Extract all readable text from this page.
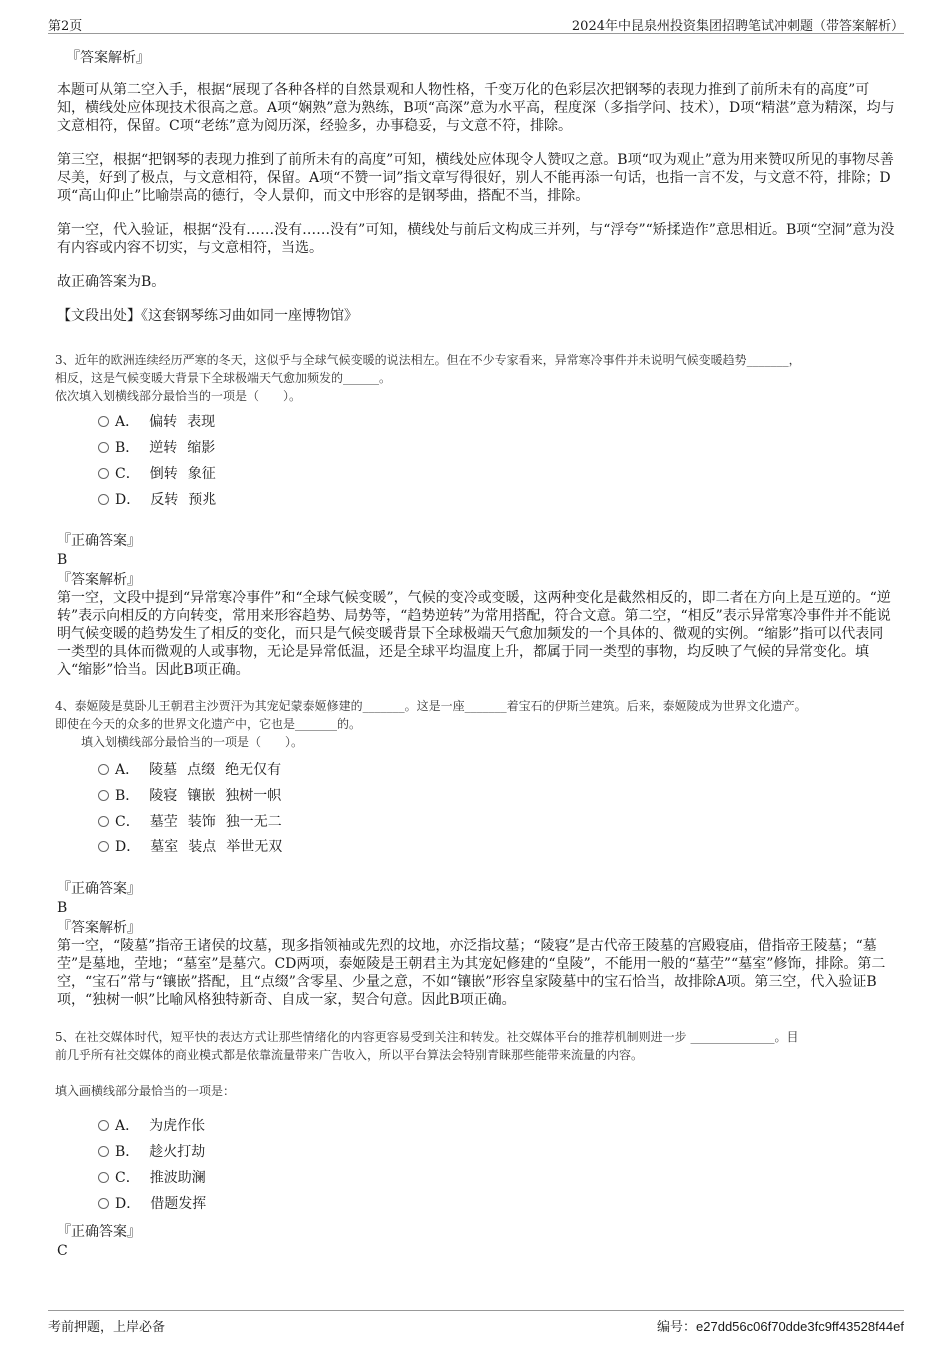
第2页	2024年中昆泉州投资集团招聘笔试冲刺题（带答案解析）
『答案解析』

本题可从第二空入手，根据“展现了各种各样的自然景观和人物性格，千变万化的色彩层次把钢琴的表现力推到了前所未有的高度”可知，横线处应体现技术很高之意。A项“娴熟”意为熟练，B项“高深”意为水平高，程度深（多指学问、技术），D项“精湛”意为精深，均与文意相符，保留。C项“老练”意为阅历深，经验多，办事稳妥，与文意不符，排除。

第三空，根据“把钢琴的表现力推到了前所未有的高度”可知，横线处应体现令人赞叹之意。B项“叹为观止”意为用来赞叹所见的事物尽善尽美，好到了极点，与文意相符，保留。A项“不赞一词”指文章写得很好，别人不能再添一句话，也指一言不发，与文意不符，排除；D项“高山仰止”比喻崇高的德行，令人景仰，而文中形容的是钢琴曲，搭配不当，排除。

第一空，代入验证，根据“没有……没有……没有”可知，横线处与前后文构成三并列，与“浮夸”“矫揉造作”意思相近。B项“空洞”意为没有内容或内容不切实，与文意相符，当选。

故正确答案为B。

【文段出处】《这套钢琴练习曲如同一座博物馆》

3、近年的欧洲连续经历严寒的冬天，这似乎与全球气候变暖的说法相左。但在不少专家看来，异常寒冷事件并未说明气候变暖趋势_______，
相反，这是气候变暖大背景下全球极端天气愈加频发的______。
依次填入划横线部分最恰当的一项是（　　）。
A． 偏转 表现
B． 逆转 缩影
C． 倒转 象征
D． 反转 预兆
『正确答案』
B
『答案解析』

第一空，文段中提到“异常寒冷事件”和“全球气候变暖”，气候的变冷或变暖，这两种变化是截然相反的，即二者在方向上是互逆的。“逆转”表示向相反的方向转变，常用来形容趋势、局势等，“趋势逆转”为常用搭配，符合文意。第二空，“相反”表示异常寒冷事件并不能说明气候变暖的趋势发生了相反的变化，而只是气候变暖背景下全球极端天气愈加频发的一个具体的、微观的实例。“缩影”指可以代表同一类型的具体而微观的人或事物，无论是异常低温，还是全球平均温度上升，都属于同一类型的事物，均反映了气候的异常变化。填入“缩影”恰当。因此B项正确。

4、泰姬陵是莫卧儿王朝君主沙贾汗为其宠妃蒙泰姬修建的_______。这是一座_______着宝石的伊斯兰建筑。后来，泰姬陵成为世界文化遗产。
即使在今天的众多的世界文化遗产中，它也是_______的。
填入划横线部分最恰当的一项是（　　）。
A． 陵墓 点缀 绝无仅有
B． 陵寝 镶嵌 独树一帜
C． 墓茔 装饰 独一无二
D． 墓室 装点 举世无双
『正确答案』
B
『答案解析』

第一空，“陵墓”指帝王诸侯的坟墓，现多指领袖或先烈的坟地，亦泛指坟墓；“陵寝”是古代帝王陵墓的宫殿寝庙，借指帝王陵墓；“墓茔”是墓地，茔地；“墓室”是墓穴。CD两项，泰姬陵是王朝君主为其宠妃修建的“皇陵”，不能用一般的“墓茔”“墓室”修饰，排除。第二空，“宝石”常与“镶嵌”搭配，且“点缀”含零星、少量之意，不如“镶嵌”形容皇家陵墓中的宝石恰当，故排除A项。第三空，代入验证B项，“独树一帜”比喻风格独特新奇、自成一家，契合句意。因此B项正确。

5、在社交媒体时代，短平快的表达方式让那些情绪化的内容更容易受到关注和转发。社交媒体平台的推荐机制则进一步 ______________。目
前几乎所有社交媒体的商业模式都是依靠流量带来广告收入，所以平台算法会特别青睐那些能带来流量的内容。
填入画横线部分最恰当的一项是：
A． 为虎作伥
B． 趁火打劫
C． 推波助澜
D． 借题发挥
『正确答案』
C
考前押题，上岸必备	编号：e27dd56c06f70dde3fc9ff43528f44ef
